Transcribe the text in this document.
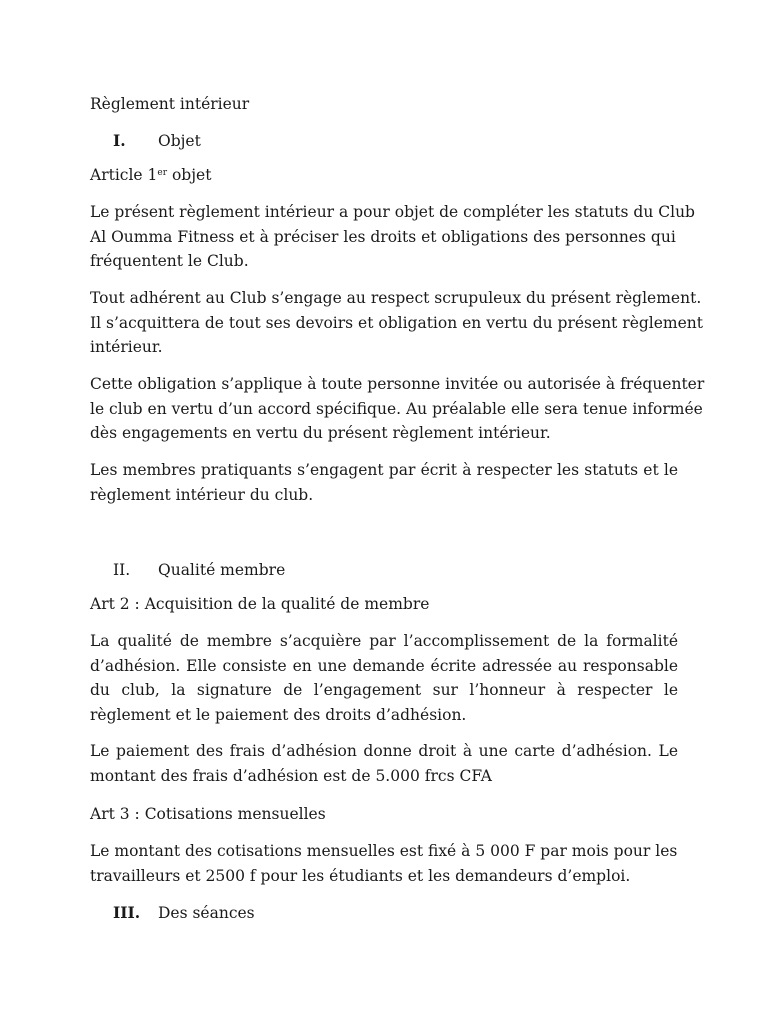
Règlement intérieur

I. Objet

Article 1er objet

Le présent règlement intérieur a pour objet de compléter les statuts du Club
Al Oumma Fitness et à préciser les droits et obligations des personnes qui
fréquentent le Club.

Tout adhérent au Club s’engage au respect scrupuleux du présent règlement.
Il s’acquittera de tout ses devoirs et obligation en vertu du présent règlement
intérieur.

Cette obligation s’applique à toute personne invitée ou autorisée à fréquenter
le club en vertu d’un accord spécifique. Au préalable elle sera tenue informée
dès engagements en vertu du présent règlement intérieur.

Les membres pratiquants s’engagent par écrit à respecter les statuts et le règlement intérieur du club.

II. Qualité membre

Art 2 : Acquisition de la qualité de membre

La qualité de membre s’acquière par l’accomplissement de la formalité d’adhésion. Elle consiste en une demande écrite adressée au responsable du club, la signature de l’engagement sur l’honneur à respecter le règlement et le paiement des droits d’adhésion.

Le paiement des frais d’adhésion donne droit à une carte d’adhésion. Le montant des frais d’adhésion est de 5.000 frcs CFA

Art 3 : Cotisations mensuelles

Le montant des cotisations mensuelles est fixé à 5 000 F par mois pour les
travailleurs et 2500 f pour les étudiants et les demandeurs d’emploi.

III. Des séances
